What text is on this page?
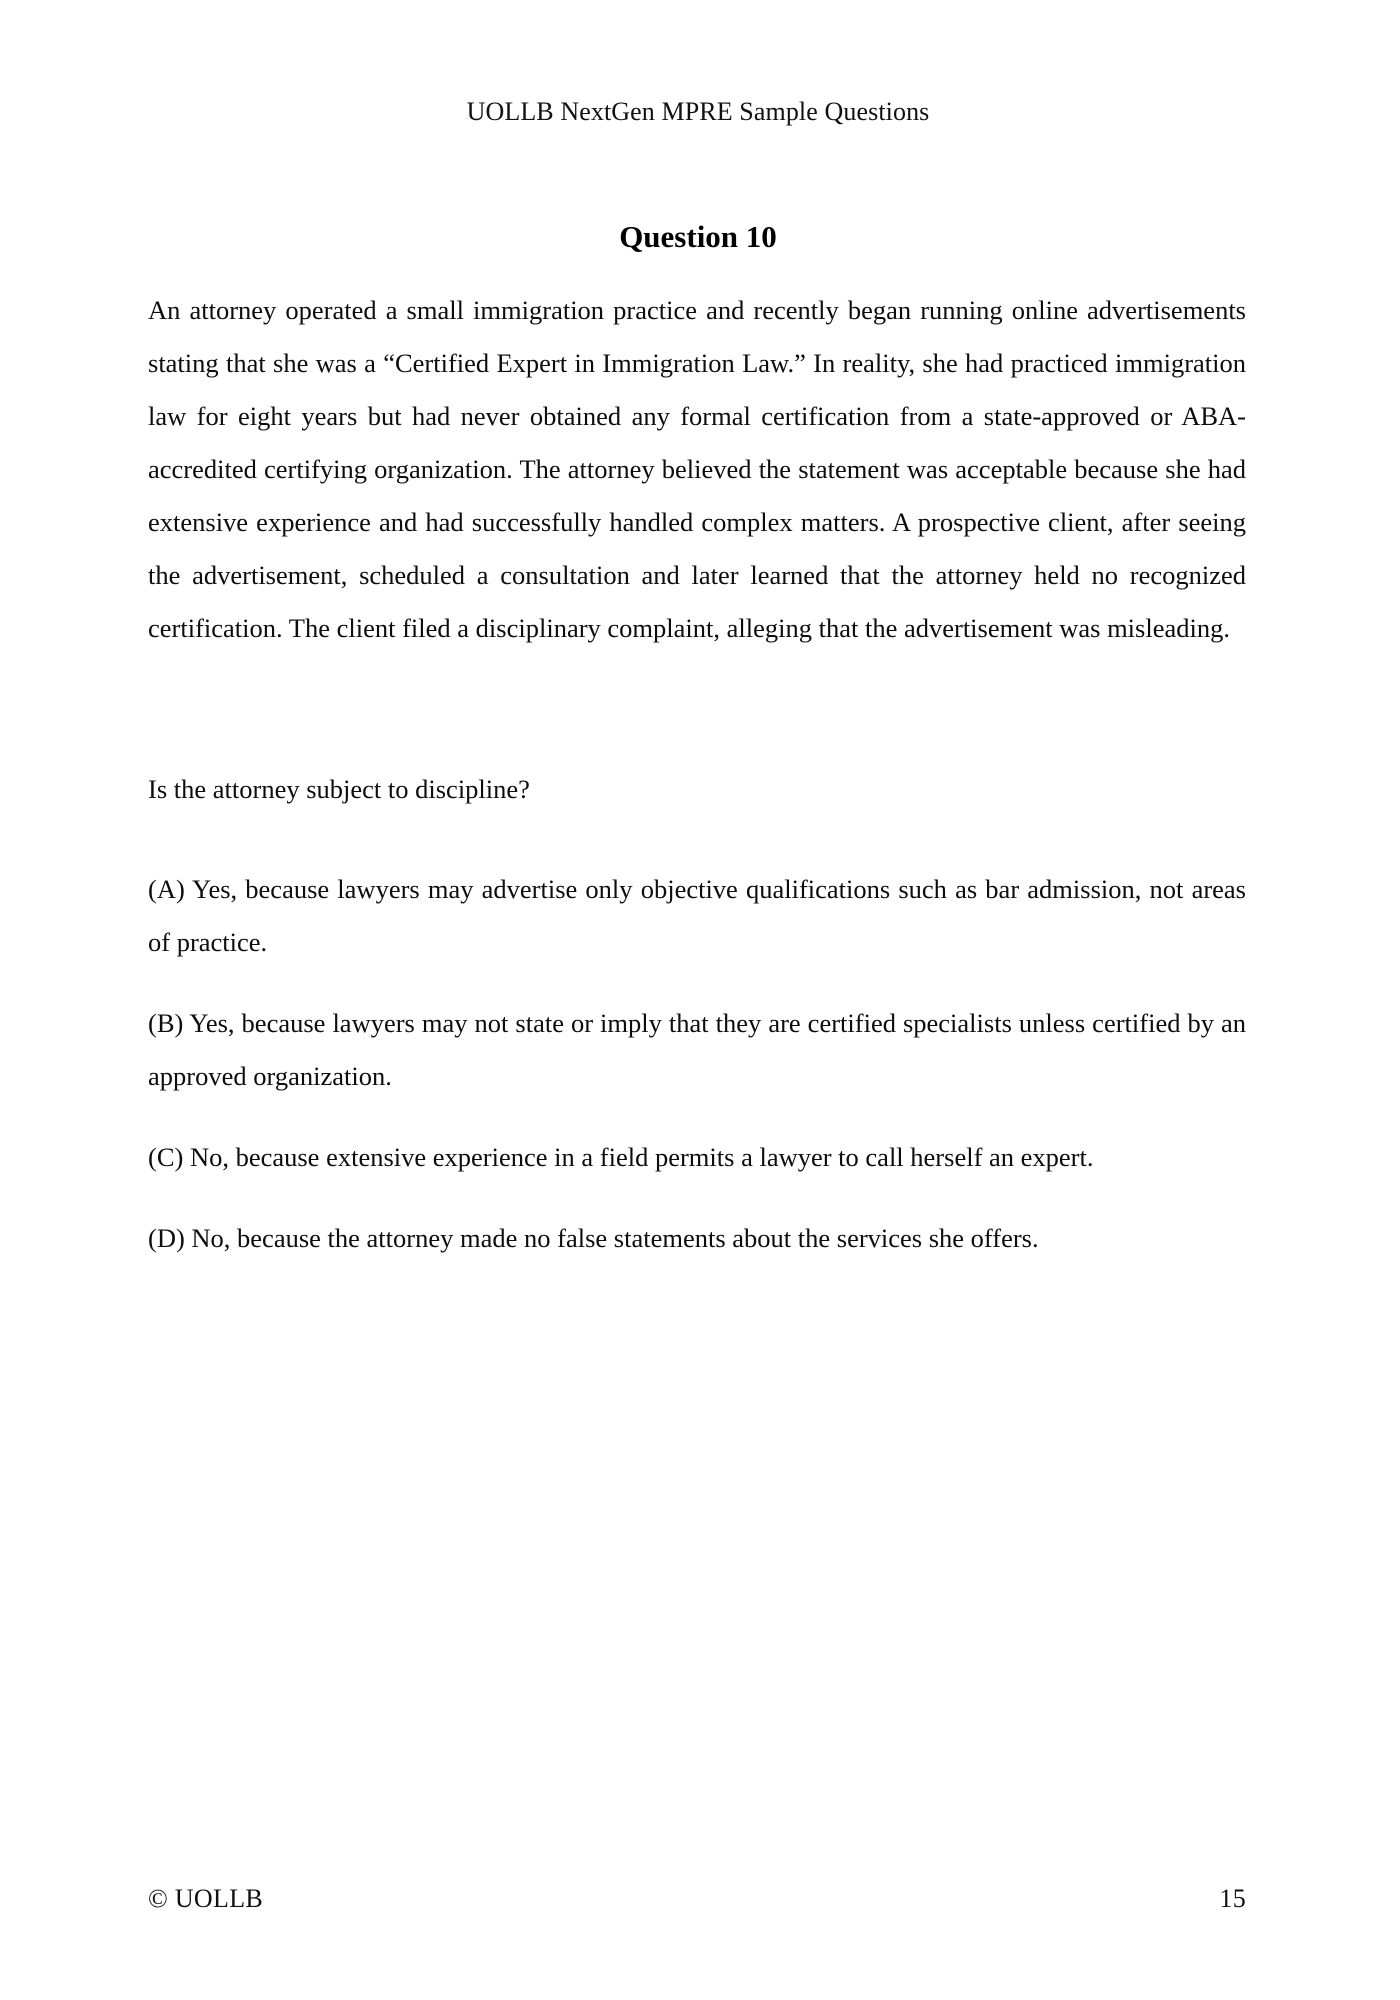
UOLLB NextGen MPRE Sample Questions
Question 10

An attorney operated a small immigration practice and recently began running online advertisements stating that she was a “Certified Expert in Immigration Law.” In reality, she had practiced immigration law for eight years but had never obtained any formal certification from a state-approved or ABA-accredited certifying organization. The attorney believed the statement was acceptable because she had extensive experience and had successfully handled complex matters. A prospective client, after seeing the advertisement, scheduled a consultation and later learned that the attorney held no recognized certification. The client filed a disciplinary complaint, alleging that the advertisement was misleading.

Is the attorney subject to discipline?

(A) Yes, because lawyers may advertise only objective qualifications such as bar admission, not areas of practice.
(B) Yes, because lawyers may not state or imply that they are certified specialists unless certified by an approved organization.
(C) No, because extensive experience in a field permits a lawyer to call herself an expert.
(D) No, because the attorney made no false statements about the services she offers.
© UOLLB	15
